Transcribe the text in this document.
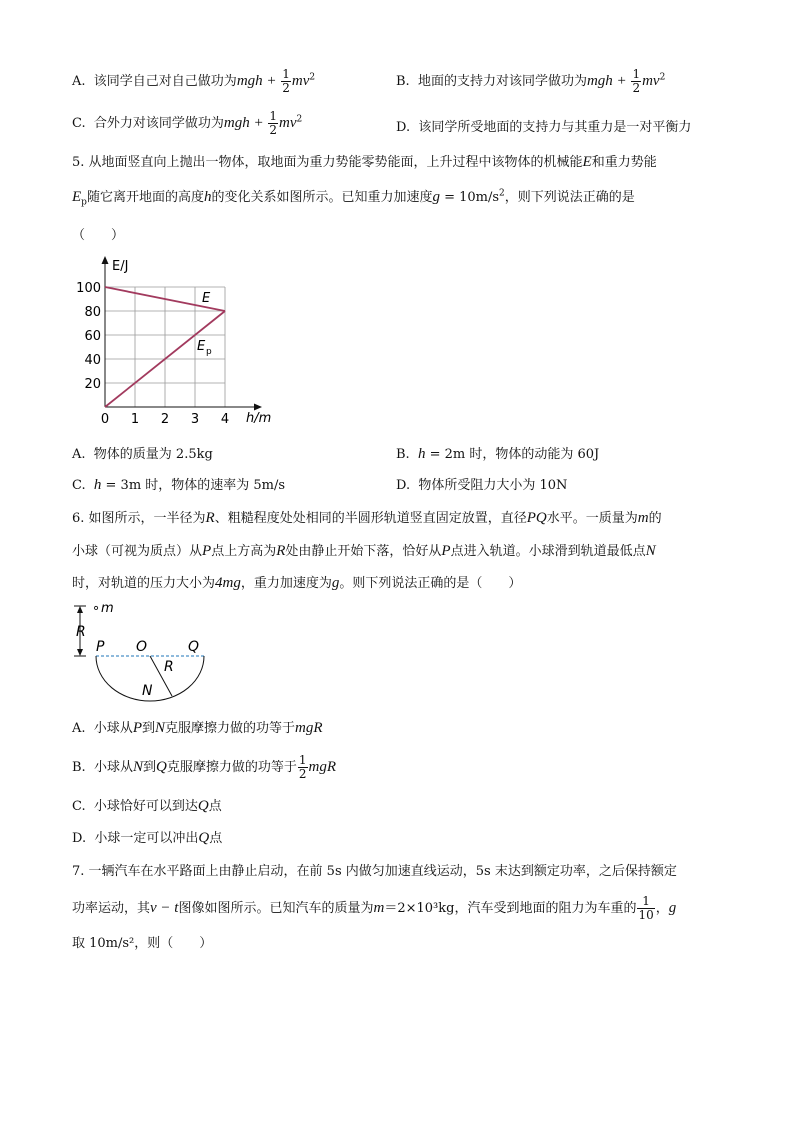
A. 该同学自己对自己做功为mgh + $\frac{1}{2} mv^2$	B. 地面的支持力对该同学做功为mgh + $\frac{1}{2} mv^2$
C. 合外力对该同学做功为mgh + $\frac{1}{2} mv^2$
D. 该同学所受地面的支持力与其重力是一对平衡力
5. 从地面竖直向上抛出一物体，取地面为重力势能零势能面，上升过程中该物体的机械能E和重力势能
$E_p$随它离开地面的高度h的变化关系如图所示。已知重力加速度$g = 10m/s^2$，则下列说法正确的是
（　　）
0 1 2 3 4
20
40
60
80
100
E/J
h/m
E
E p
A. 物体的质量为 2.5kg	B. h = 2m 时，物体的动能为 60J
C. h = 3m 时，物体的速率为 5m/s	D. 物体所受阻力大小为 10N
6. 如图所示，一半径为R、粗糙程度处处相同的半圆形轨道竖直固定放置，直径PQ水平。一质量为m的
小球（可视为质点）从P点上方高为R处由静止开始下落，恰好从P点进入轨道。小球滑到轨道最低点N
时，对轨道的压力大小为4mg，重力加速度为g。则下列说法正确的是（　　）
∘ m
R
P O	Q
R
N
A. 小球从P到N克服摩擦力做的功等于mgR
B. 小球从N到Q克服摩擦力做的功等于 $\frac{1}{2}$ mgR
C. 小球恰好可以到达Q点
D. 小球一定可以冲出Q点
7. 一辆汽车在水平路面上由静止启动，在前 5s 内做匀加速直线运动，5s 末达到额定功率，之后保持额定
功率运动，其v − t图像如图所示。已知汽车的质量为m＝2×10³kg，汽车受到地面的阻力为车重的 $\frac{1}{10}$ ，g
取 10m/s²，则（　　）
